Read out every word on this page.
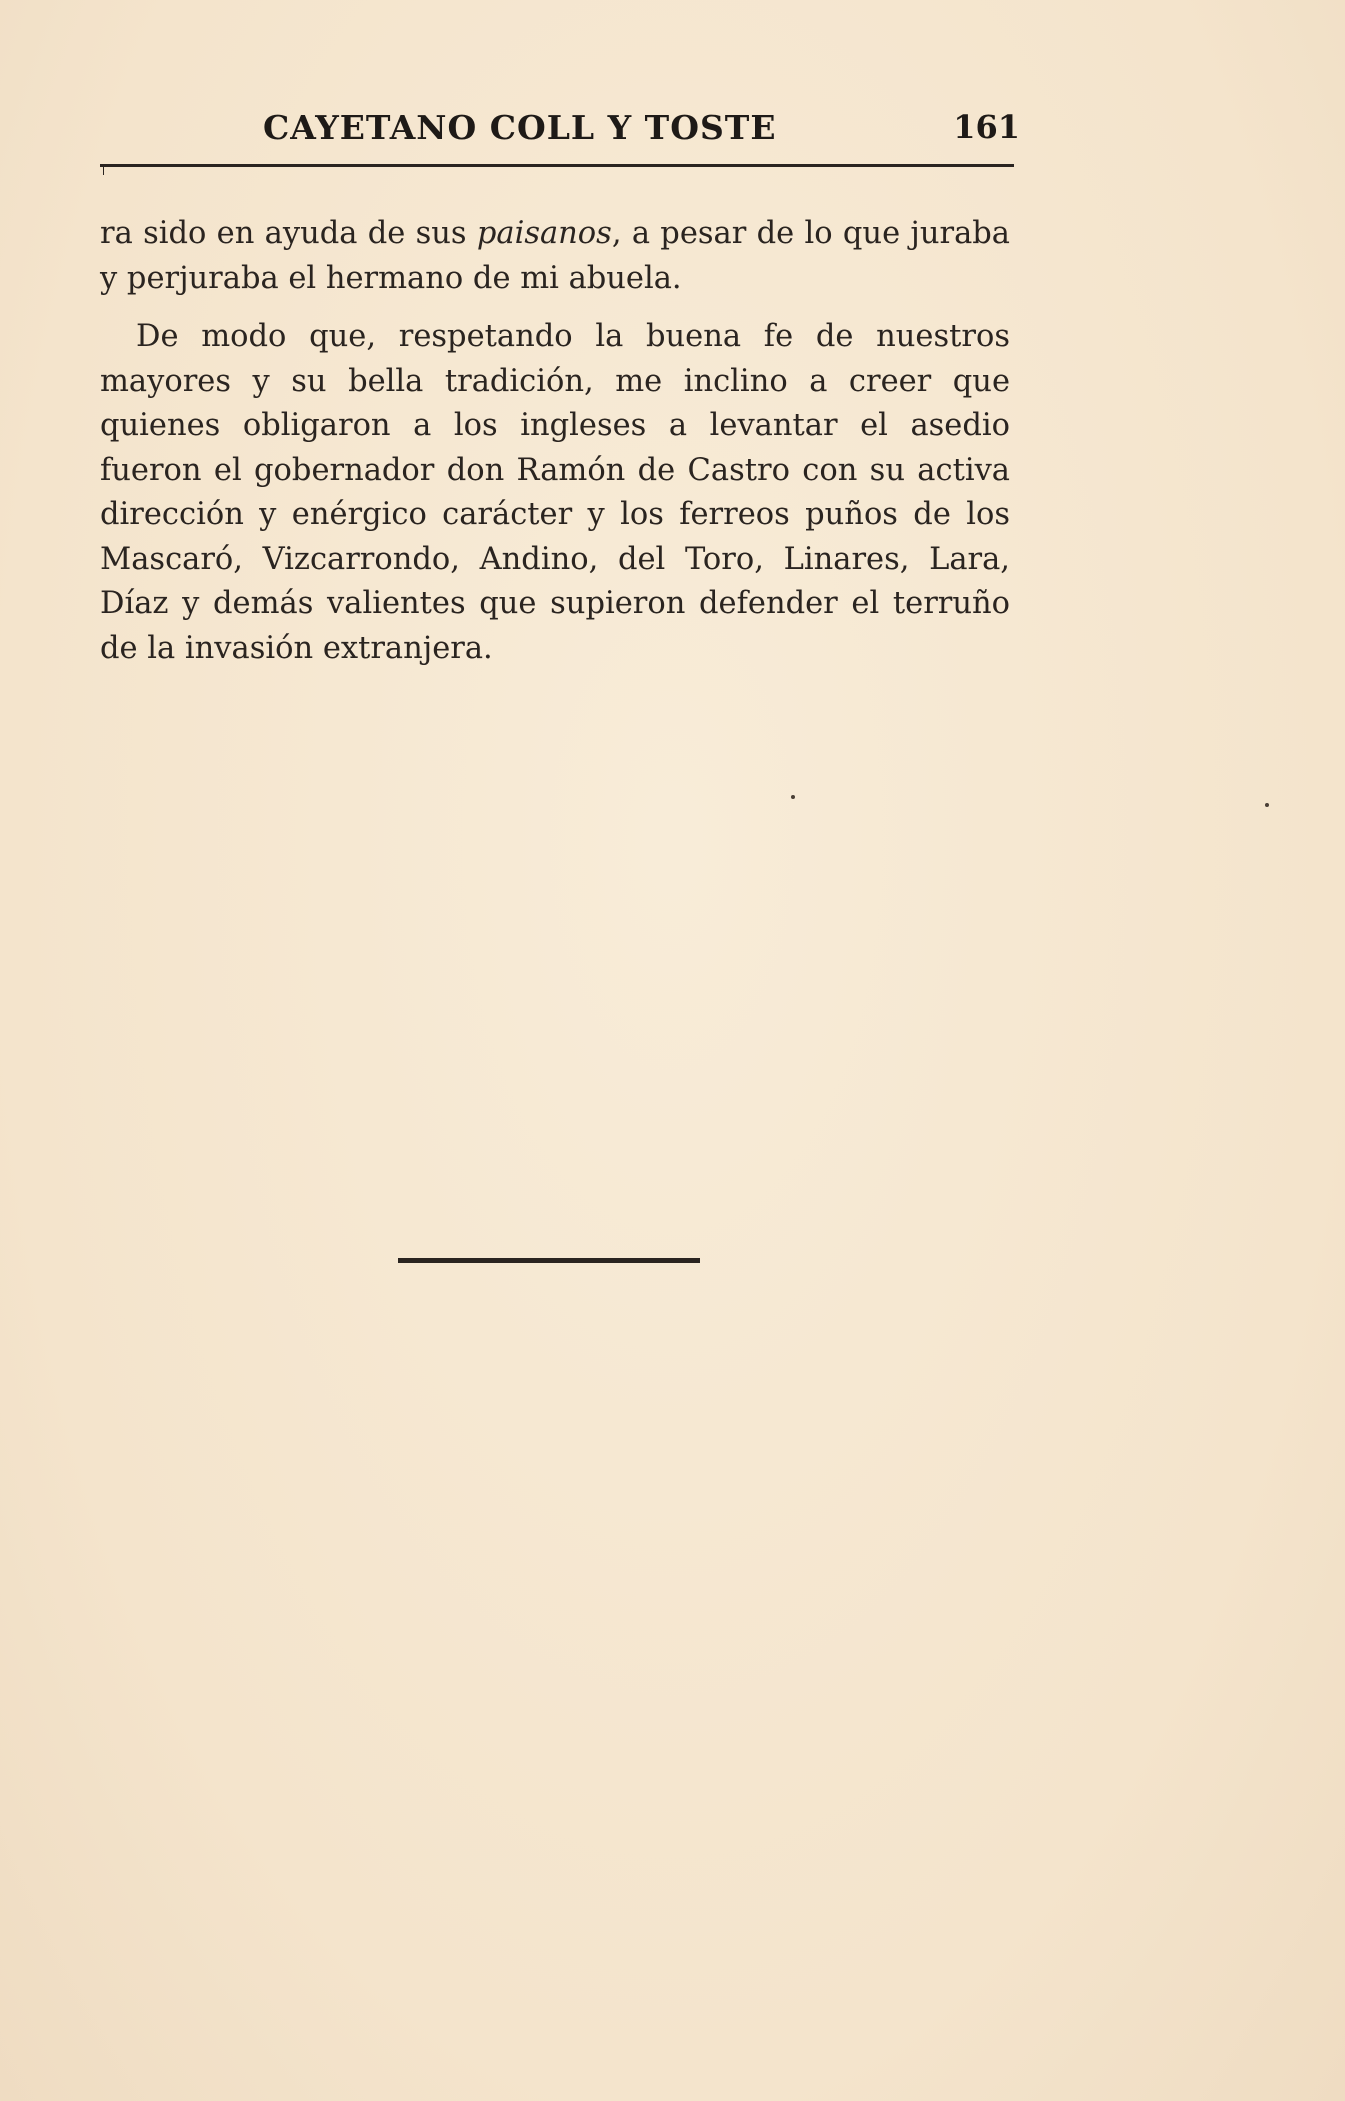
CAYETANO COLL Y TOSTE	161

ra sido en ayuda de sus paisanos, a pesar de lo que juraba y perjuraba el hermano de mi abuela.

De modo que, respetando la buena fe de nuestros mayores y su bella tradición, me inclino a creer que quienes obligaron a los ingleses a levantar el asedio fueron el gobernador don Ramón de Castro con su activa dirección y enérgico carácter y los ferreos puños de los Mascaró, Vizcarrondo, Andino, del Toro, Linares, Lara, Díaz y demás valientes que supieron defender el terruño de la invasión extranjera.
